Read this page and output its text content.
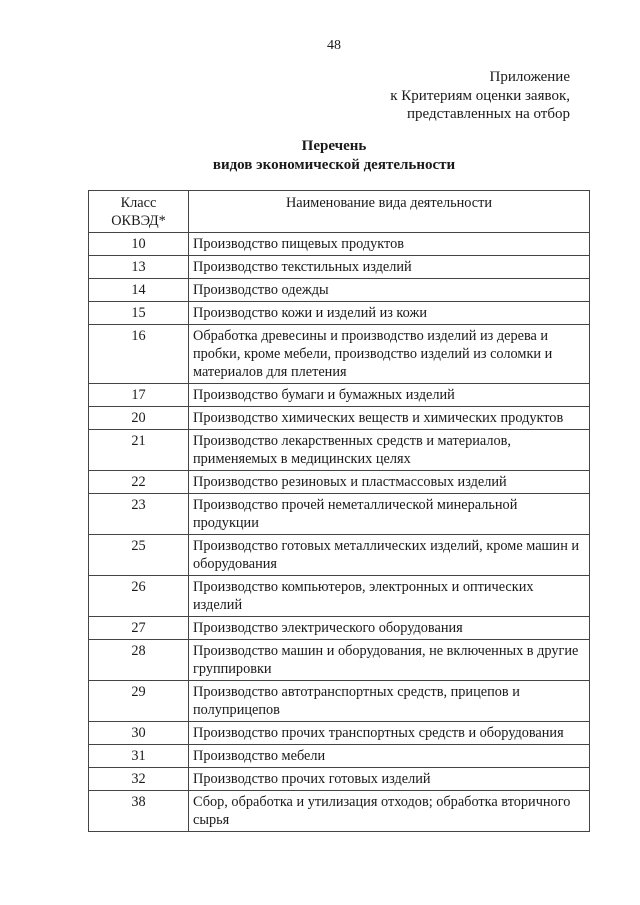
48
Приложение
к Критериям оценки заявок,
представленных на отбор
Перечень
видов экономической деятельности
Класс
ОКВЭД*	Наименование вида деятельности
10	Производство пищевых продуктов
13	Производство текстильных изделий
14	Производство одежды
15	Производство кожи и изделий из кожи
16	Обработка древесины и производство изделий из дерева и пробки, кроме мебели, производство изделий из соломки и материалов для плетения
17	Производство бумаги и бумажных изделий
20	Производство химических веществ и химических продуктов
21	Производство лекарственных средств и материалов, применяемых в медицинских целях
22	Производство резиновых и пластмассовых изделий
23	Производство прочей неметаллической минеральной продукции
25	Производство готовых металлических изделий, кроме машин и оборудования
26	Производство компьютеров, электронных и оптических изделий
27	Производство электрического оборудования
28	Производство машин и оборудования, не включенных в другие группировки
29	Производство автотранспортных средств, прицепов и полуприцепов
30	Производство прочих транспортных средств и оборудования
31	Производство мебели
32	Производство прочих готовых изделий
38	Сбор, обработка и утилизация отходов; обработка вторичного сырья
